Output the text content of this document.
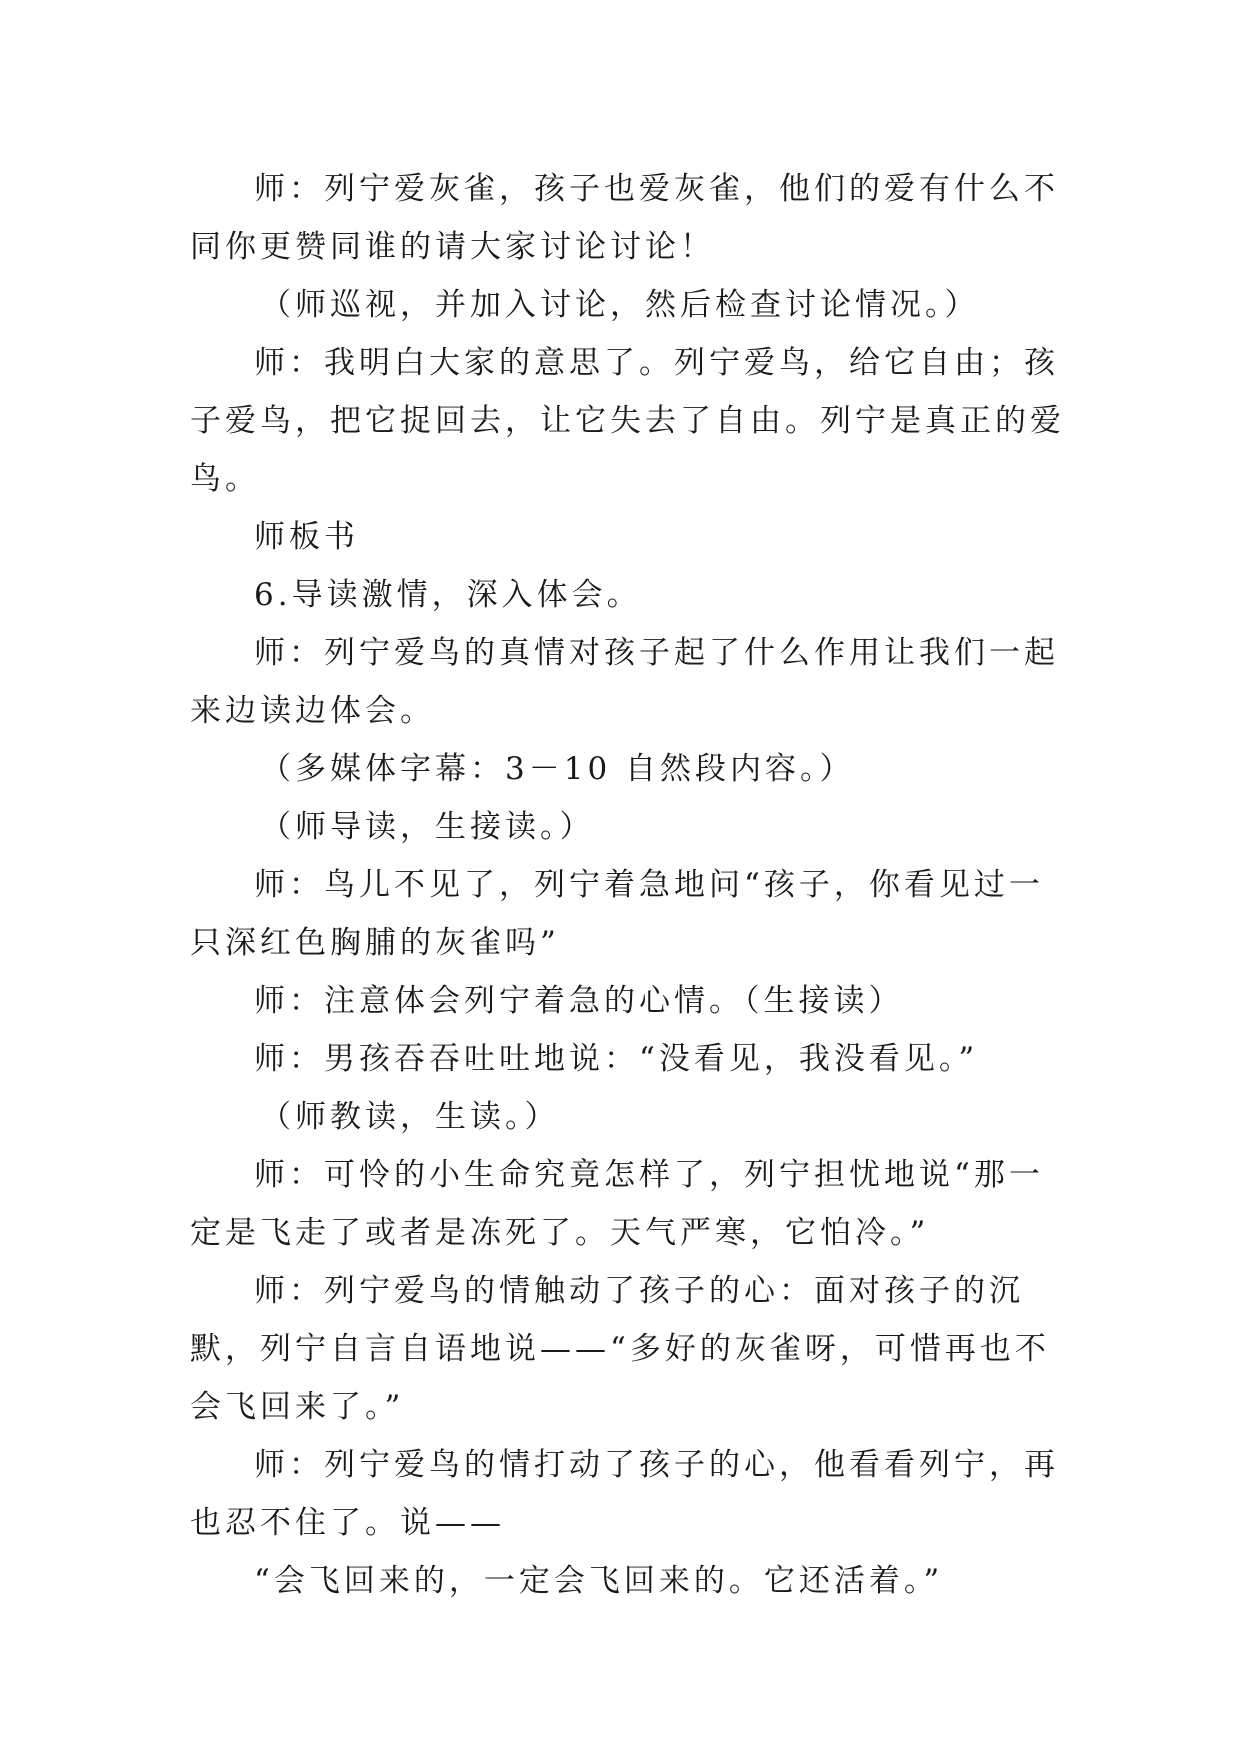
师：列宁爱灰雀，孩子也爱灰雀，他们的爱有什么不同你更赞同谁的请大家讨论讨论！

（师巡视，并加入讨论，然后检查讨论情况。）

师：我明白大家的意思了。列宁爱鸟，给它自由；孩子爱鸟，把它捉回去，让它失去了自由。列宁是真正的爱鸟。

师板书

6.导读激情，深入体会。

师：列宁爱鸟的真情对孩子起了什么作用让我们一起来边读边体会。

（多媒体字幕：3－10 自然段内容。）

（师导读，生接读。）

师：鸟儿不见了，列宁着急地问“孩子，你看见过一只深红色胸脯的灰雀吗”

师：注意体会列宁着急的心情。（生接读）

师：男孩吞吞吐吐地说：“没看见，我没看见。”

（师教读，生读。）

师：可怜的小生命究竟怎样了，列宁担忧地说“那一定是飞走了或者是冻死了。天气严寒，它怕冷。”

师：列宁爱鸟的情触动了孩子的心：面对孩子的沉默，列宁自言自语地说——“多好的灰雀呀，可惜再也不会飞回来了。”

师：列宁爱鸟的情打动了孩子的心，他看看列宁，再也忍不住了。说——

“会飞回来的，一定会飞回来的。它还活着。”
